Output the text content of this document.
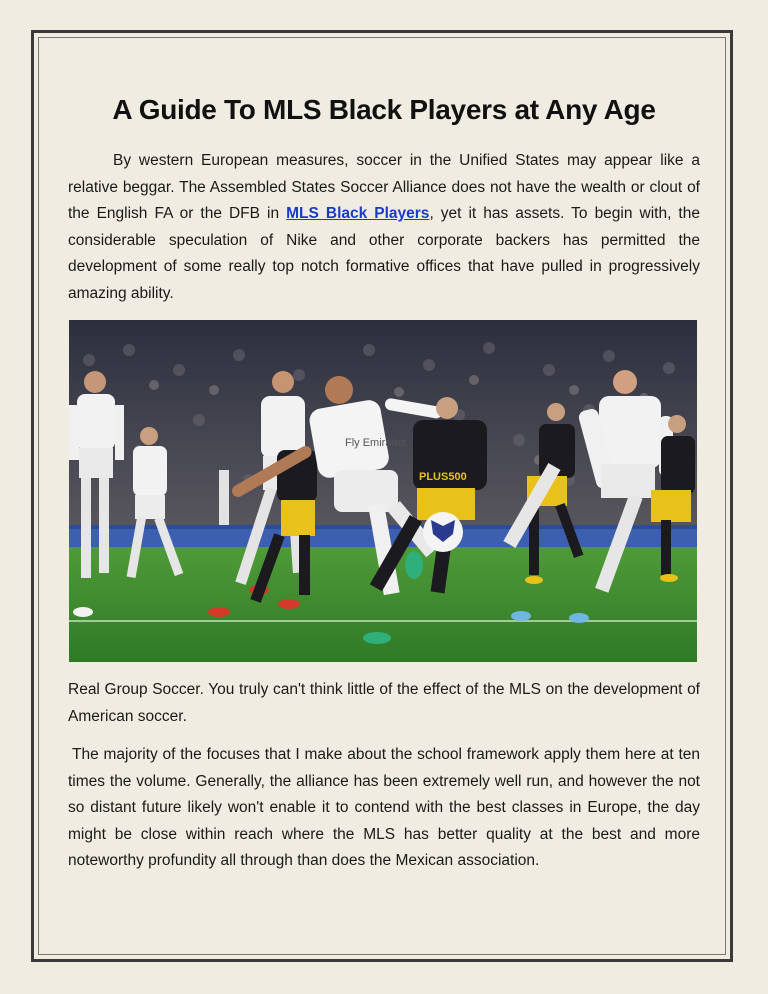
A Guide To MLS Black Players at Any Age

By western European measures, soccer in the Unified States may appear like a relative beggar. The Assembled States Soccer Alliance does not have the wealth or clout of the English FA or the DFB in MLS Black Players, yet it has assets. To begin with, the considerable speculation of Nike and other corporate backers has permitted the development of some really top notch formative offices that have pulled in progressively amazing ability.

Fly Emirates
PLUS500

Real Group Soccer. You truly can't think little of the effect of the MLS on the development of American soccer.

The majority of the focuses that I make about the school framework apply them here at ten times the volume. Generally, the alliance has been extremely well run, and however the not so distant future likely won't enable it to contend with the best classes in Europe, the day might be close within reach where the MLS has better quality at the best and more noteworthy profundity all through than does the Mexican association.
